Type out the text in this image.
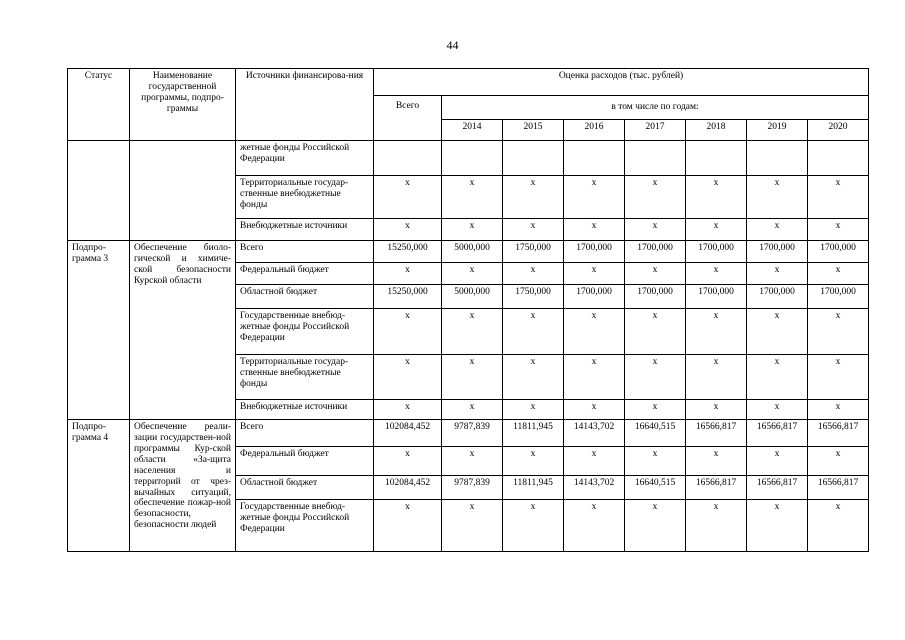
44
Статус	Наименование государственной программы, подпро-граммы	Источники финансирова-ния	Оценка расходов (тыс. рублей)							
			Всего	в том числе по годам:						
				2014	2015	2016	2017	2018	2019	2020
		жетные фонды Российской Федерации								
		Территориальные государ-ственные внебюджетные фонды	x	x	x	x	x	x	x	x
		Внебюджетные источники	x	x	x	x	x	x	x	x
Подпро-грамма 3	Обеспечение биоло-гической и химиче-ской безопасности Курской области	Всего	15250,000	5000,000	1750,000	1700,000	1700,000	1700,000	1700,000	1700,000
		Федеральный бюджет	x	x	x	x	x	x	x	x
		Областной бюджет	15250,000	5000,000	1750,000	1700,000	1700,000	1700,000	1700,000	1700,000
		Государственные внебюд-жетные фонды Российской Федерации	x	x	x	x	x	x	x	x
		Территориальные государ-ственные внебюджетные фонды	x	x	x	x	x	x	x	x
		Внебюджетные источники	x	x	x	x	x	x	x	x
Подпро-грамма 4	Обеспечение реали-зации государствен-ной программы Кур-ской области «За-щита населения и территорий от чрез-вычайных ситуаций, обеспечение пожар-ной безопасности, безопасности людей	Всего	102084,452	9787,839	11811,945	14143,702	16640,515	16566,817	16566,817	16566,817
		Федеральный бюджет	x	x	x	x	x	x	x	x
		Областной бюджет	102084,452	9787,839	11811,945	14143,702	16640,515	16566,817	16566,817	16566,817
		Государственные внебюд-жетные фонды Российской Федерации	x	x	x	x	x	x	x	x
